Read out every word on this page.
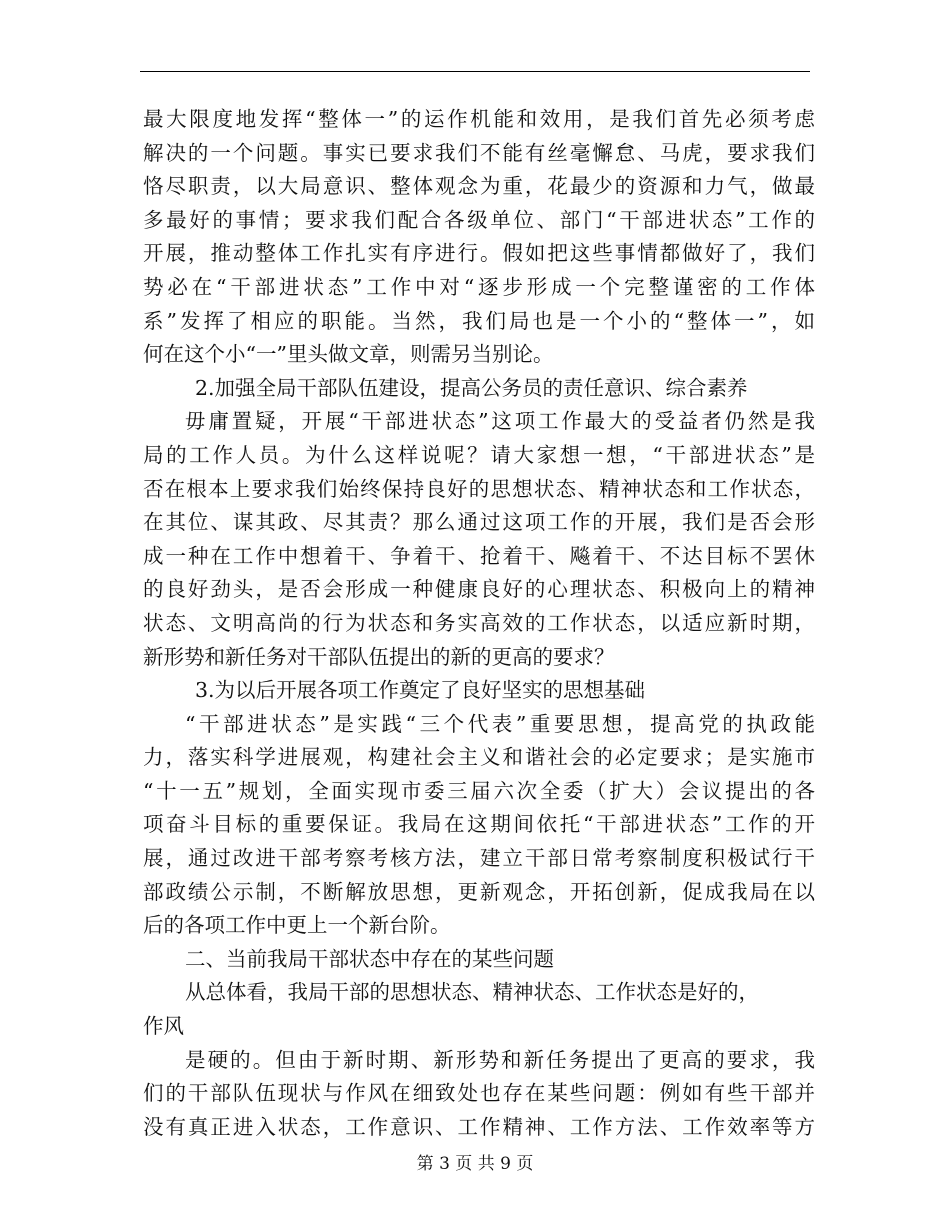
最大限度地发挥“整体一”的运作机能和效用，是我们首先必须考虑
解决的一个问题。事实已要求我们不能有丝毫懈怠、马虎，要求我们
恪尽职责，以大局意识、整体观念为重，花最少的资源和力气，做最
多最好的事情；要求我们配合各级单位、部门“干部进状态”工作的
开展，推动整体工作扎实有序进行。假如把这些事情都做好了，我们
势必在“干部进状态”工作中对“逐步形成一个完整谨密的工作体
系”发挥了相应的职能。当然，我们局也是一个小的“整体一”，如
何在这个小“一”里头做文章，则需另当别论。
2.加强全局干部队伍建设，提高公务员的责任意识、综合素养
毋庸置疑，开展“干部进状态”这项工作最大的受益者仍然是我
局的工作人员。为什么这样说呢？请大家想一想，“干部进状态”是
否在根本上要求我们始终保持良好的思想状态、精神状态和工作状态，
在其位、谋其政、尽其责？那么通过这项工作的开展，我们是否会形
成一种在工作中想着干、争着干、抢着干、飚着干、不达目标不罢休
的良好劲头，是否会形成一种健康良好的心理状态、积极向上的精神
状态、文明高尚的行为状态和务实高效的工作状态，以适应新时期，
新形势和新任务对干部队伍提出的新的更高的要求？
3.为以后开展各项工作奠定了良好坚实的思想基础
“干部进状态”是实践“三个代表”重要思想，提高党的执政能
力，落实科学进展观，构建社会主义和谐社会的必定要求；是实施市
“十一五”规划，全面实现市委三届六次全委（扩大）会议提出的各
项奋斗目标的重要保证。我局在这期间依托“干部进状态”工作的开
展，通过改进干部考察考核方法，建立干部日常考察制度积极试行干
部政绩公示制，不断解放思想，更新观念，开拓创新，促成我局在以
后的各项工作中更上一个新台阶。
二、当前我局干部状态中存在的某些问题
从总体看，我局干部的思想状态、精神状态、工作状态是好的，
作风
是硬的。但由于新时期、新形势和新任务提出了更高的要求，我
们的干部队伍现状与作风在细致处也存在某些问题：例如有些干部并
没有真正进入状态，工作意识、工作精神、工作方法、工作效率等方
第 3 页 共 9 页
